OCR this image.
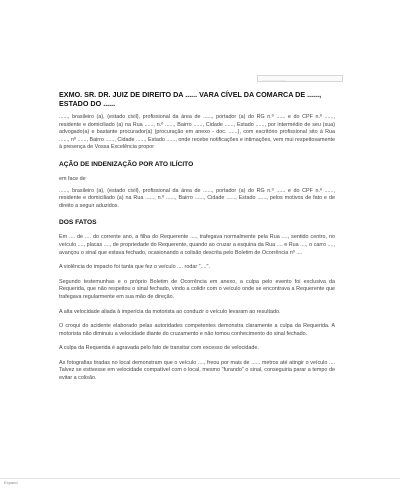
......................
EXMO. SR. DR. JUIZ DE DIREITO DA ...... VARA CÍVEL DA COMARCA DE ......, ESTADO DO ......

......, brasileiro (a), (estado civil), profissional da área de ......, portador (a) do RG n.º ...... e do CPF n.º ......, residente e domiciliado (a) na Rua ......, n.º ......, Bairro ......, Cidade ......, Estado ......, por intermédio de seu (sua) advogado(a) e bastante procurador(a) (procuração em anexo - doc. ......), com escritório profissional sito à Rua ......, nº ......, Bairro ......, Cidade ......, Estado ......, onde recebe notificações e intimações, vem mui respeitosamente à presença de Vossa Excelência propor

AÇÃO DE INDENIZAÇÃO POR ATO ILÍCITO

em face de

......, brasileiro (a), (estado civil), profissional da área de ......, portador (a) do RG n.º ...... e do CPF n.º ......, residente e domiciliado (a) na Rua ......, n.º ......, Bairro ......, Cidade ......, Estado ......, pelos motivos de fato e de direito a seguir aduzidos.

DOS FATOS

Em .... de .... do corrente ano, a filha do Requerente ...., trafegava normalmente pela Rua ...., sentido centro, no veículo ...., placas ...., de propriedade do Requerente, quando ao cruzar a esquina da Rua .... e Rua ...., o carro ...., avançou o sinal que estava fechado, ocasionando a colisão descrita pelo Boletim de Ocorrência nº ....

A violência do impacto foi tanta que fez o veículo .... rodar "....".

Segundo testemunhas e o próprio Boletim de Ocorrência em anexo, a culpa pelo evento foi exclusiva da Requerida, que não respeitou o sinal fechado, vindo a colidir com o veículo onde se encontrava a Requerente que trafegava regularmente em sua mão de direção.

A alta velocidade aliada à imperícia da motorista ao conduzir o veículo levaram ao resultado.

O croqui do acidente elaborado pelas autoridades competentes demonstra claramente a culpa da Requerida. A motorista não diminuiu a velocidade diante do cruzamento e não tomou conhecimento do sinal fechado.

A culpa da Requerida é agravada pelo fato de transitar com excesso de velocidade.

As fotografias tiradas no local demonstram que o veículo ...., freou por mais de ...... metros até atingir o veículo .... Talvez se estivesse em velocidade compatível com o local, mesmo "furando" o sinal, conseguiria parar a tempo de evitar a colisão.

Expand
